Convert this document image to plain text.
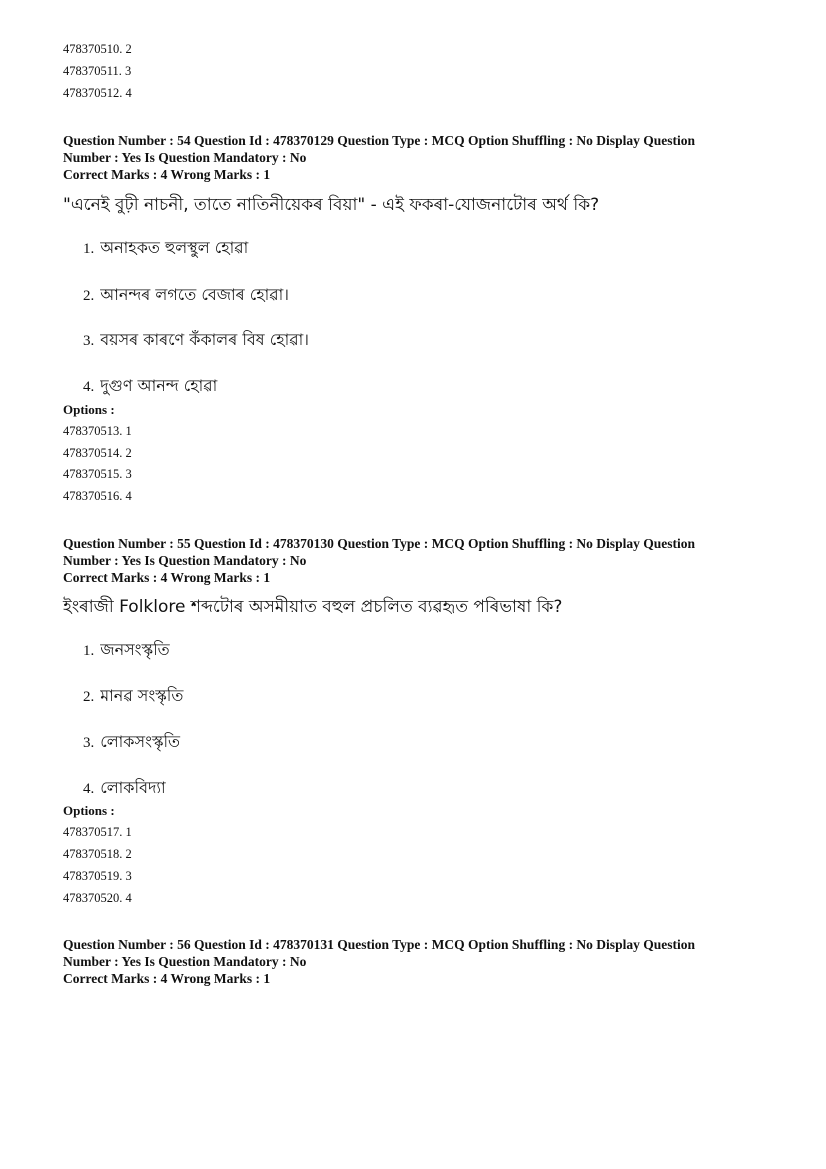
478370510. 2
478370511. 3
478370512. 4
Question Number : 54 Question Id : 478370129 Question Type : MCQ Option Shuffling : No Display Question
Number : Yes Is Question Mandatory : No
Correct Marks : 4 Wrong Marks : 1
"এনেই বুঢ়ী নাচনী, তাতে নাতিনীয়েকৰ বিয়া" - এই ফকৰা-যোজনাটোৰ অৰ্থ কি?
1. অনাহকত হুলস্থুল হোৱা
2. আনন্দৰ লগতে বেজাৰ হোৱা।
3. বয়সৰ কাৰণে কঁকালৰ বিষ হোৱা।
4. দুগুণ আনন্দ হোৱা
Options :
478370513. 1
478370514. 2
478370515. 3
478370516. 4
Question Number : 55 Question Id : 478370130 Question Type : MCQ Option Shuffling : No Display Question
Number : Yes Is Question Mandatory : No
Correct Marks : 4 Wrong Marks : 1
ইংৰাজী Folklore শব্দটোৰ অসমীয়াত বহুল প্ৰচলিত ব্যৱহৃত পৰিভাষা কি?
1. জনসংস্কৃতি
2. মানৱ সংস্কৃতি
3. লোকসংস্কৃতি
4. লোকবিদ্যা
Options :
478370517. 1
478370518. 2
478370519. 3
478370520. 4
Question Number : 56 Question Id : 478370131 Question Type : MCQ Option Shuffling : No Display Question
Number : Yes Is Question Mandatory : No
Correct Marks : 4 Wrong Marks : 1
